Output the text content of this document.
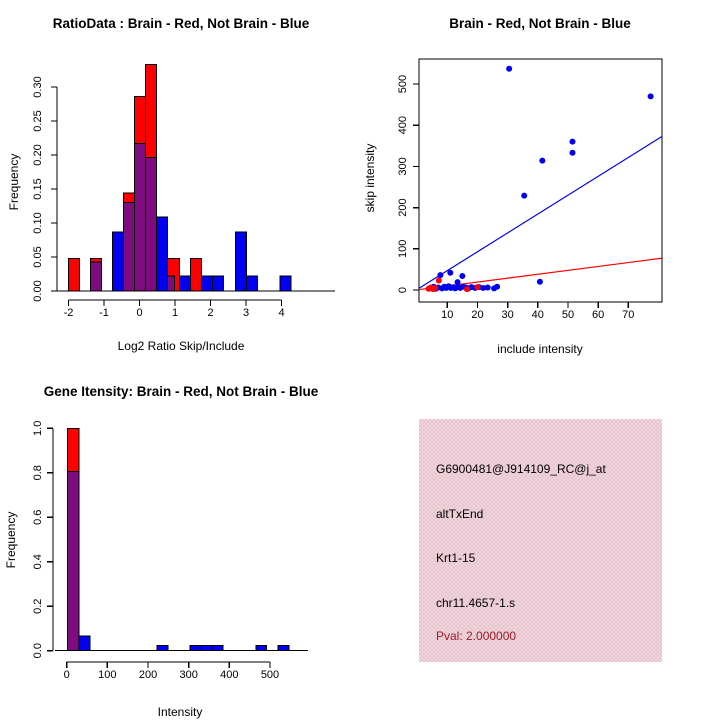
-2 -1	0	1	2	3	4
0.00
0.05
0.10
0.15
0.20
0.25
0.30
RatioData : Brain - Red, Not Brain - Blue
Frequency
Log2 Ratio Skip/Include
10 20 30 40 50 60 70
0
100
200
300
400
500
Brain - Red, Not Brain - Blue
skip intensity
include intensity
0	100 200 300 400 500
0.0
0.2
0.4
0.6
0.8
1.0
Gene Itensity: Brain - Red, Not Brain - Blue
Frequency
Intensity
G6900481@J914109_RC@j_at
altTxEnd
Krt1-15
chr11.4657-1.s
Pval: 2.000000
